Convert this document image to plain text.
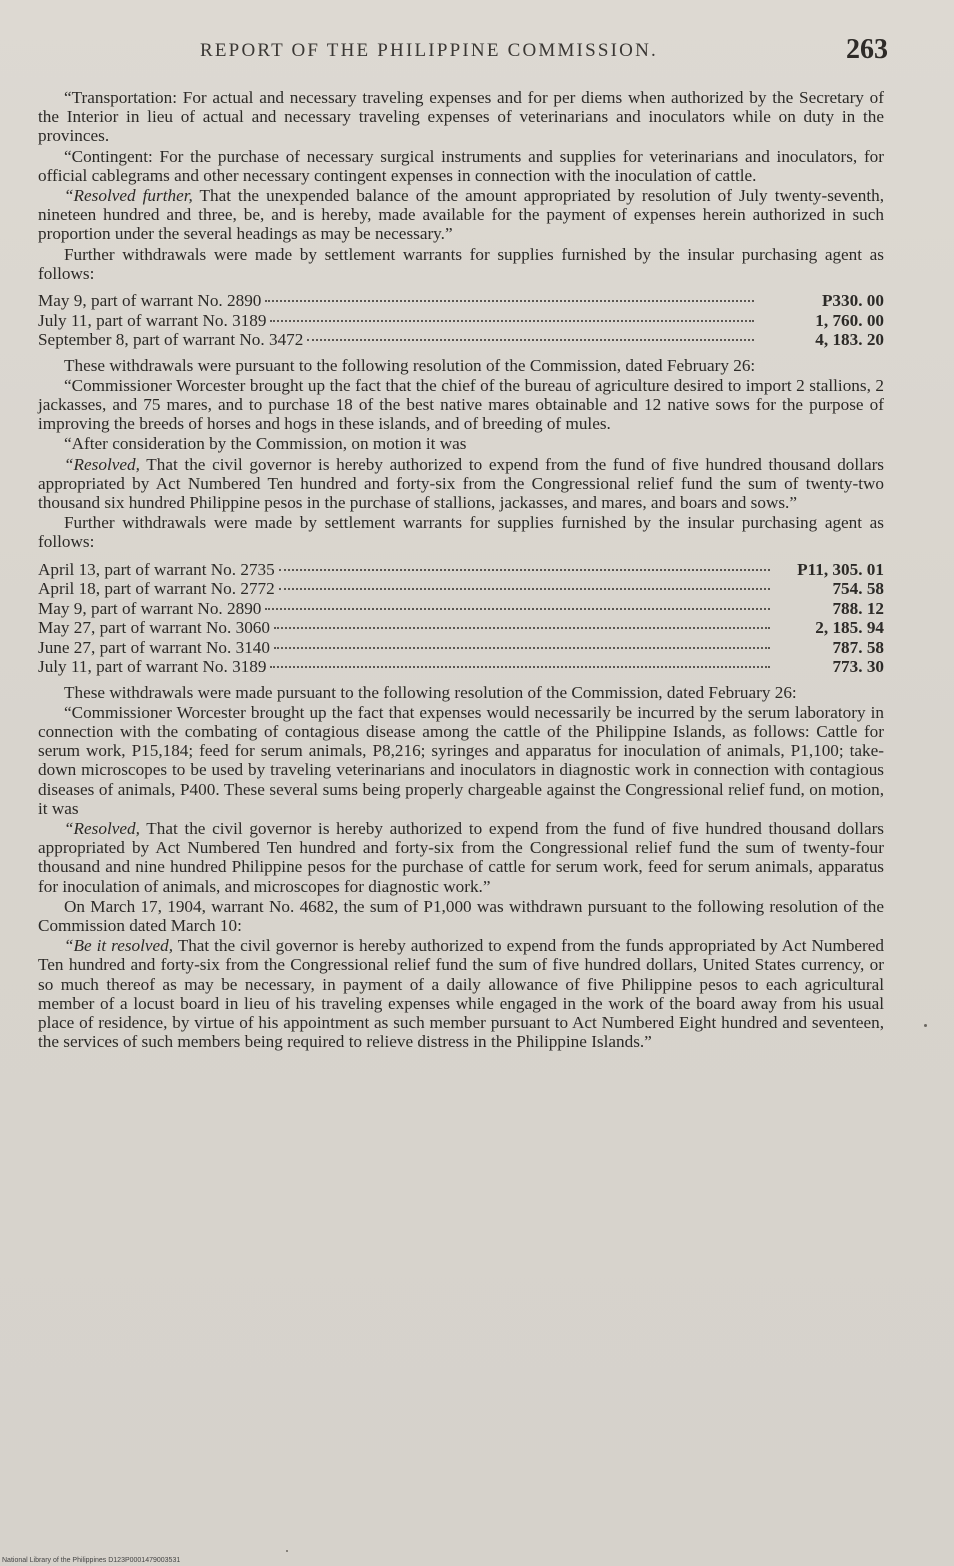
REPORT OF THE PHILIPPINE COMMISSION.	263

“Transportation: For actual and necessary traveling expenses and for per diems when authorized by the Secretary of the Interior in lieu of actual and necessary traveling expenses of veterinarians and inoculators while on duty in the provinces.

“Contingent: For the purchase of necessary surgical instruments and supplies for veterinarians and inoculators, for official cablegrams and other necessary contingent expenses in connection with the inoculation of cattle.

“Resolved further, That the unexpended balance of the amount appropriated by resolution of July twenty-seventh, nineteen hundred and three, be, and is hereby, made available for the payment of expenses herein authorized in such proportion under the several headings as may be necessary.”

Further withdrawals were made by settlement warrants for supplies furnished by the insular purchasing agent as follows:

May 9, part of warrant No. 2890	P330. 00
July 11, part of warrant No. 3189	1, 760. 00
September 8, part of warrant No. 3472	4, 183. 20

These withdrawals were pursuant to the following resolution of the Commission, dated February 26:

“Commissioner Worcester brought up the fact that the chief of the bureau of agriculture desired to import 2 stallions, 2 jackasses, and 75 mares, and to purchase 18 of the best native mares obtainable and 12 native sows for the purpose of improving the breeds of horses and hogs in these islands, and of breeding of mules.

“After consideration by the Commission, on motion it was

“Resolved, That the civil governor is hereby authorized to expend from the fund of five hundred thousand dollars appropriated by Act Numbered Ten hundred and forty-six from the Congressional relief fund the sum of twenty-two thousand six hundred Philippine pesos in the purchase of stallions, jackasses, and mares, and boars and sows.”

Further withdrawals were made by settlement warrants for supplies furnished by the insular purchasing agent as follows:

April 13, part of warrant No. 2735	P11, 305. 01
April 18, part of warrant No. 2772	754. 58
May 9, part of warrant No. 2890	788. 12
May 27, part of warrant No. 3060	2, 185. 94
June 27, part of warrant No. 3140	787. 58
July 11, part of warrant No. 3189	773. 30

These withdrawals were made pursuant to the following resolution of the Commission, dated February 26:

“Commissioner Worcester brought up the fact that expenses would necessarily be incurred by the serum laboratory in connection with the combating of contagious disease among the cattle of the Philippine Islands, as follows: Cattle for serum work, P15,184; feed for serum animals, P8,216; syringes and apparatus for inoculation of animals, P1,100; take-down microscopes to be used by traveling veterinarians and inoculators in diagnostic work in connection with contagious diseases of animals, P400. These several sums being properly chargeable against the Congressional relief fund, on motion, it was

“Resolved, That the civil governor is hereby authorized to expend from the fund of five hundred thousand dollars appropriated by Act Numbered Ten hundred and forty-six from the Congressional relief fund the sum of twenty-four thousand and nine hundred Philippine pesos for the purchase of cattle for serum work, feed for serum animals, apparatus for inoculation of animals, and microscopes for diagnostic work.”

On March 17, 1904, warrant No. 4682, the sum of P1,000 was withdrawn pursuant to the following resolution of the Commission dated March 10:

“Be it resolved, That the civil governor is hereby authorized to expend from the funds appropriated by Act Numbered Ten hundred and forty-six from the Congressional relief fund the sum of five hundred dollars, United States currency, or so much thereof as may be necessary, in payment of a daily allowance of five Philippine pesos to each agricultural member of a locust board in lieu of his traveling expenses while engaged in the work of the board away from his usual place of residence, by virtue of his appointment as such member pursuant to Act Numbered Eight hundred and seventeen, the services of such members being required to relieve distress in the Philippine Islands.”

National Library of the Philippines D123P0001479003531
